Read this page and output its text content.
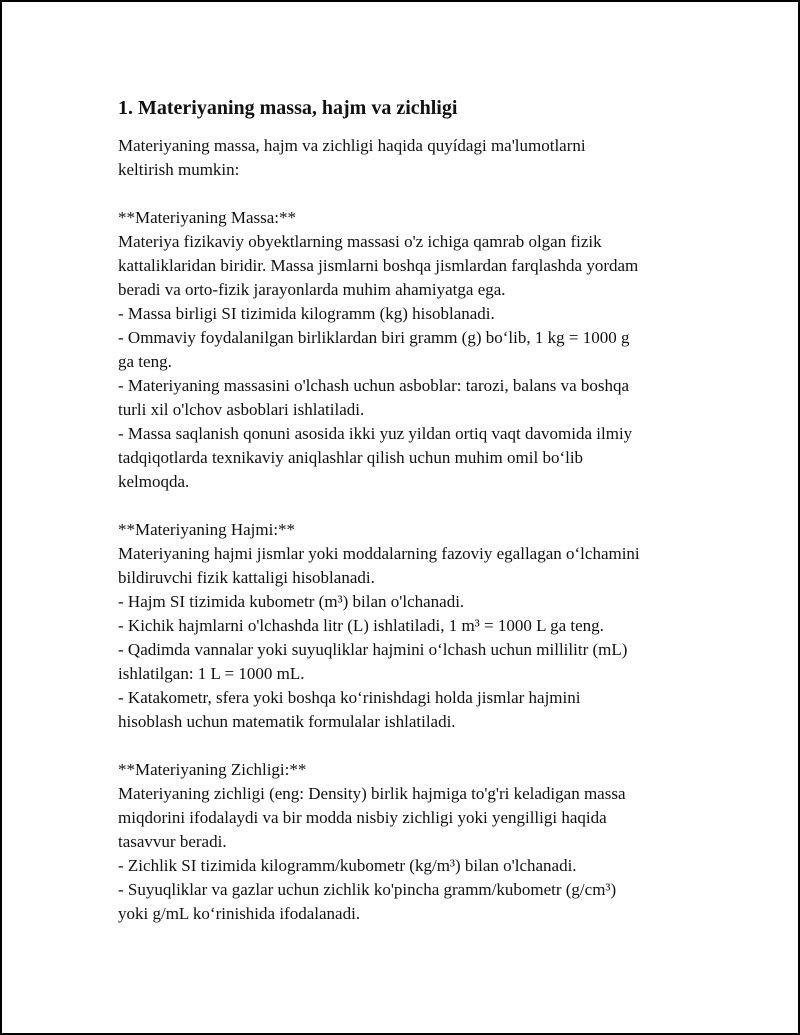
1. Materiyaning massa, hajm va zichligi

Materiyaning massa, hajm va zichligi haqida quyídagi ma'lumotlarni
keltirish mumkin:

**Materiyaning Massa:**
Materiya fizikaviy obyektlarning massasi o'z ichiga qamrab olgan fizik
kattaliklaridan biridir. Massa jismlarni boshqa jismlardan farqlashda yordam
beradi va orto-fizik jarayonlarda muhim ahamiyatga ega.
- Massa birligi SI tizimida kilogramm (kg) hisoblanadi.
- Ommaviy foydalanilgan birliklardan biri gramm (g) bo‘lib, 1 kg = 1000 g
ga teng.
- Materiyaning massasini o'lchash uchun asboblar: tarozi, balans va boshqa
turli xil o'lchov asboblari ishlatiladi.
- Massa saqlanish qonuni asosida ikki yuz yildan ortiq vaqt davomida ilmiy
tadqiqotlarda texnikaviy aniqlashlar qilish uchun muhim omil bo‘lib
kelmoqda.
**Materiyaning Hajmi:**
Materiyaning hajmi jismlar yoki moddalarning fazoviy egallagan o‘lchamini
bildiruvchi fizik kattaligi hisoblanadi.
- Hajm SI tizimida kubometr (m³) bilan o'lchanadi.
- Kichik hajmlarni o'lchashda litr (L) ishlatiladi, 1 m³ = 1000 L ga teng.
- Qadimda vannalar yoki suyuqliklar hajmini o‘lchash uchun millilitr (mL)
ishlatilgan: 1 L = 1000 mL.
- Katakometr, sfera yoki boshqa ko‘rinishdagi holda jismlar hajmini
hisoblash uchun matematik formulalar ishlatiladi.
**Materiyaning Zichligi:**
Materiyaning zichligi (eng: Density) birlik hajmiga to'g'ri keladigan massa
miqdorini ifodalaydi va bir modda nisbiy zichligi yoki yengilligi haqida
tasavvur beradi.
- Zichlik SI tizimida kilogramm/kubometr (kg/m³) bilan o'lchanadi.
- Suyuqliklar va gazlar uchun zichlik ko'pincha gramm/kubometr (g/cm³)
yoki g/mL ko‘rinishida ifodalanadi.
